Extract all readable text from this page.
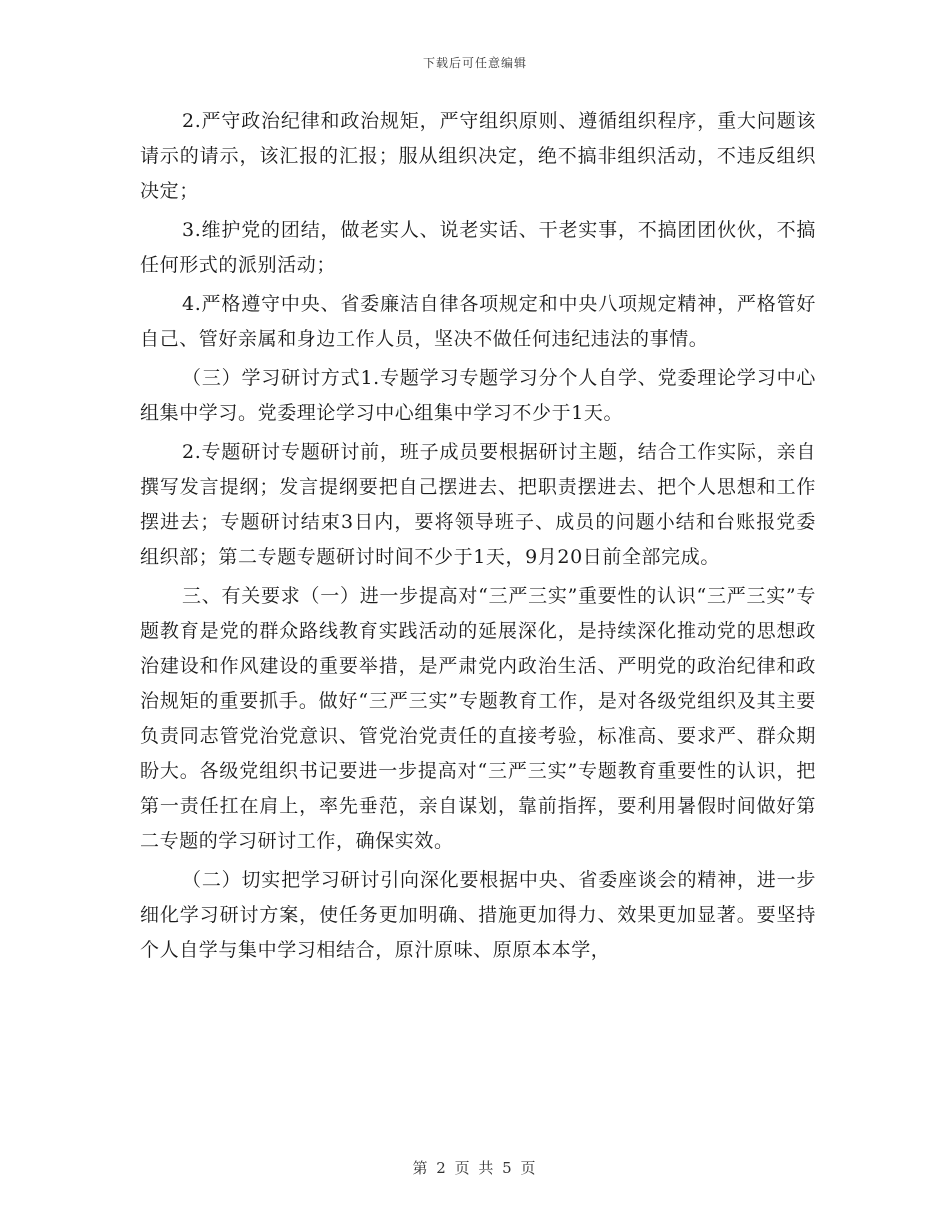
下载后可任意编辑

2.严守政治纪律和政治规矩，严守组织原则、遵循组织程序，重大问题该请示的请示，该汇报的汇报；服从组织决定，绝不搞非组织活动，不违反组织决定；

3.维护党的团结，做老实人、说老实话、干老实事，不搞团团伙伙，不搞任何形式的派别活动；

4.严格遵守中央、省委廉洁自律各项规定和中央八项规定精神，严格管好自己、管好亲属和身边工作人员，坚决不做任何违纪违法的事情。

（三）学习研讨方式1.专题学习专题学习分个人自学、党委理论学习中心组集中学习。党委理论学习中心组集中学习不少于1天。

2.专题研讨专题研讨前，班子成员要根据研讨主题，结合工作实际，亲自撰写发言提纲；发言提纲要把自己摆进去、把职责摆进去、把个人思想和工作摆进去；专题研讨结束3日内，要将领导班子、成员的问题小结和台账报党委组织部；第二专题专题研讨时间不少于1天，9月20日前全部完成。

三、有关要求（一）进一步提高对“三严三实”重要性的认识“三严三实”专题教育是党的群众路线教育实践活动的延展深化，是持续深化推动党的思想政治建设和作风建设的重要举措，是严肃党内政治生活、严明党的政治纪律和政治规矩的重要抓手。做好“三严三实”专题教育工作，是对各级党组织及其主要负责同志管党治党意识、管党治党责任的直接考验，标准高、要求严、群众期盼大。各级党组织书记要进一步提高对“三严三实”专题教育重要性的认识，把第一责任扛在肩上，率先垂范，亲自谋划，靠前指挥，要利用暑假时间做好第二专题的学习研讨工作，确保实效。

（二）切实把学习研讨引向深化要根据中央、省委座谈会的精神，进一步细化学习研讨方案，使任务更加明确、措施更加得力、效果更加显著。要坚持个人自学与集中学习相结合，原汁原味、原原本本学，

第 2 页 共 5 页
